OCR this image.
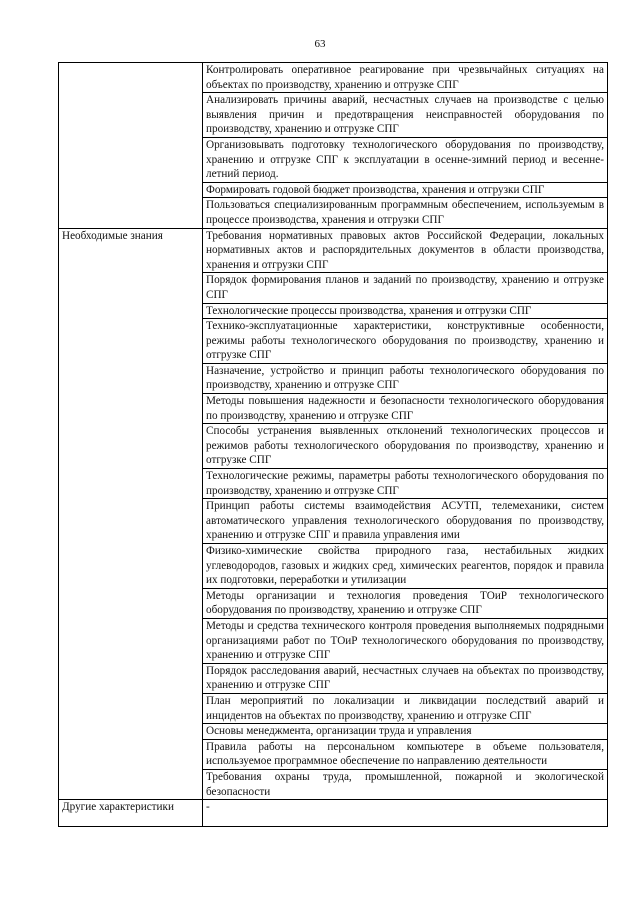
63
	Контролировать оперативное реагирование при чрезвычайных ситуациях на объектах по производству, хранению и отгрузке СПГ
	Анализировать причины аварий, несчастных случаев на производстве с целью выявления причин и предотвращения неисправностей оборудования по производству, хранению и отгрузке СПГ
	Организовывать подготовку технологического оборудования по производству, хранению и отгрузке СПГ к эксплуатации в осенне-зимний период и весенне-летний период.
	Формировать годовой бюджет производства, хранения и отгрузки СПГ
	Пользоваться специализированным программным обеспечением, используемым в процессе производства, хранения и отгрузки СПГ
Необходимые знания	Требования нормативных правовых актов Российской Федерации, локальных нормативных актов и распорядительных документов в области производства, хранения и отгрузки СПГ
	Порядок формирования планов и заданий по производству, хранению и отгрузке СПГ
	Технологические процессы производства, хранения и отгрузки СПГ
	Технико-эксплуатационные характеристики, конструктивные особенности, режимы работы технологического оборудования по производству, хранению и отгрузке СПГ
	Назначение, устройство и принцип работы технологического оборудования по производству, хранению и отгрузке СПГ
	Методы повышения надежности и безопасности технологического оборудования по производству, хранению и отгрузке СПГ
	Способы устранения выявленных отклонений технологических процессов и режимов работы технологического оборудования по производству, хранению и отгрузке СПГ
	Технологические режимы, параметры работы технологического оборудования по производству, хранению и отгрузке СПГ
	Принцип работы системы взаимодействия АСУТП, телемеханики, систем автоматического управления технологического оборудования по производству, хранению и отгрузке СПГ и правила управления ими
	Физико-химические свойства природного газа, нестабильных жидких углеводородов, газовых и жидких сред, химических реагентов, порядок и правила их подготовки, переработки и утилизации
	Методы организации и технология проведения ТОиР технологического оборудования по производству, хранению и отгрузке СПГ
	Методы и средства технического контроля проведения выполняемых подрядными организациями работ по ТОиР технологического оборудования по производству, хранению и отгрузке СПГ
	Порядок расследования аварий, несчастных случаев на объектах по производству, хранению и отгрузке СПГ
	План мероприятий по локализации и ликвидации последствий аварий и инцидентов на объектах по производству, хранению и отгрузке СПГ
	Основы менеджмента, организации труда и управления
	Правила работы на персональном компьютере в объеме пользователя, используемое программное обеспечение по направлению деятельности
	Требования охраны труда, промышленной, пожарной и экологической безопасности
Другие характеристики	-
